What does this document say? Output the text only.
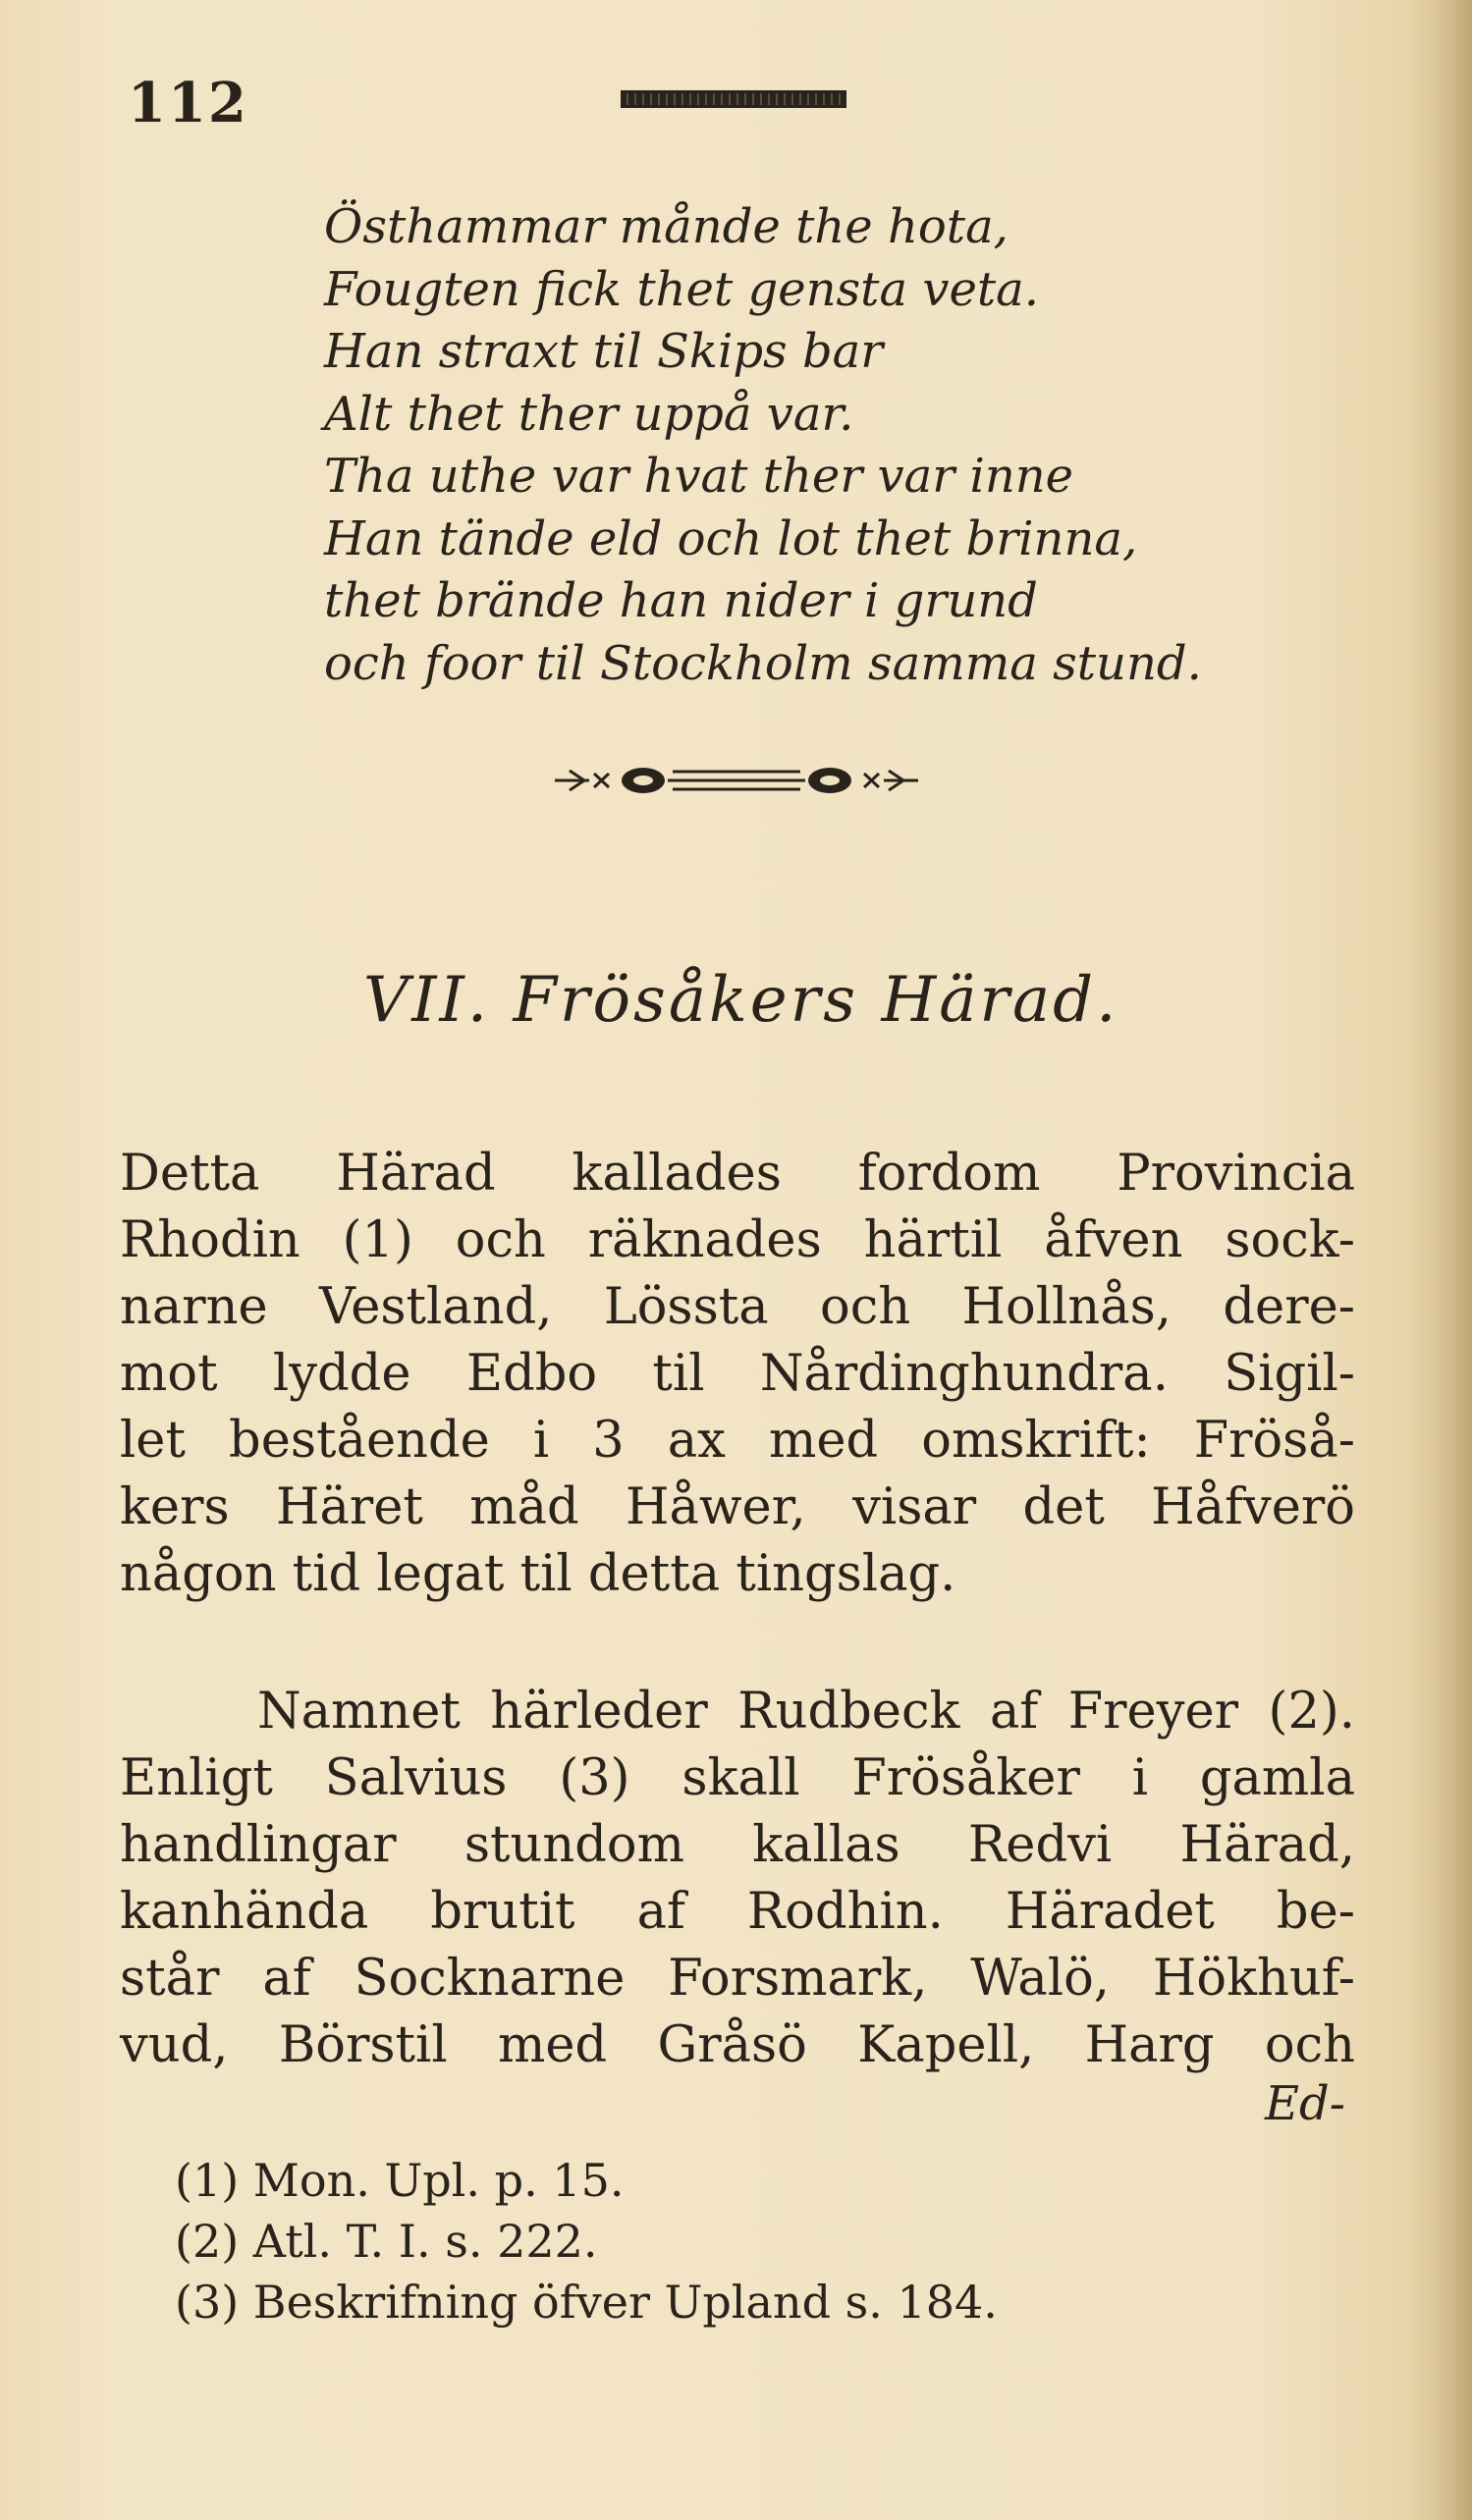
112
Östhammar månde the hota,
Fougten fick thet gensta veta.
Han straxt til Skips bar
Alt thet ther uppå var.
Tha uthe var hvat ther var inne
Han tände eld och lot thet brinna,
thet brände han nider i grund
och foor til Stockholm samma stund.
VII. Frösåkers Härad.
Detta Härad kallades fordom Provincia
Rhodin (1) och räknades härtil åfven sock-
narne Vestland, Lössta och Hollnås, dere-
mot lydde Edbo til Nårdinghundra. Sigil-
let bestående i 3 ax med omskrift: Fröså-
kers Häret måd Håwer, visar det Håfverö
någon tid legat til detta tingslag.
Namnet härleder Rudbeck af Freyer (2).
Enligt Salvius (3) skall Frösåker i gamla
handlingar stundom kallas Redvi Härad,
kanhända brutit af Rodhin. Häradet be-
står af Socknarne Forsmark, Walö, Hökhuf-
vud, Börstil med Gråsö Kapell, Harg och
Ed-
(1) Mon. Upl. p. 15.
(2) Atl. T. I. s. 222.
(3) Beskrifning öfver Upland s. 184.
